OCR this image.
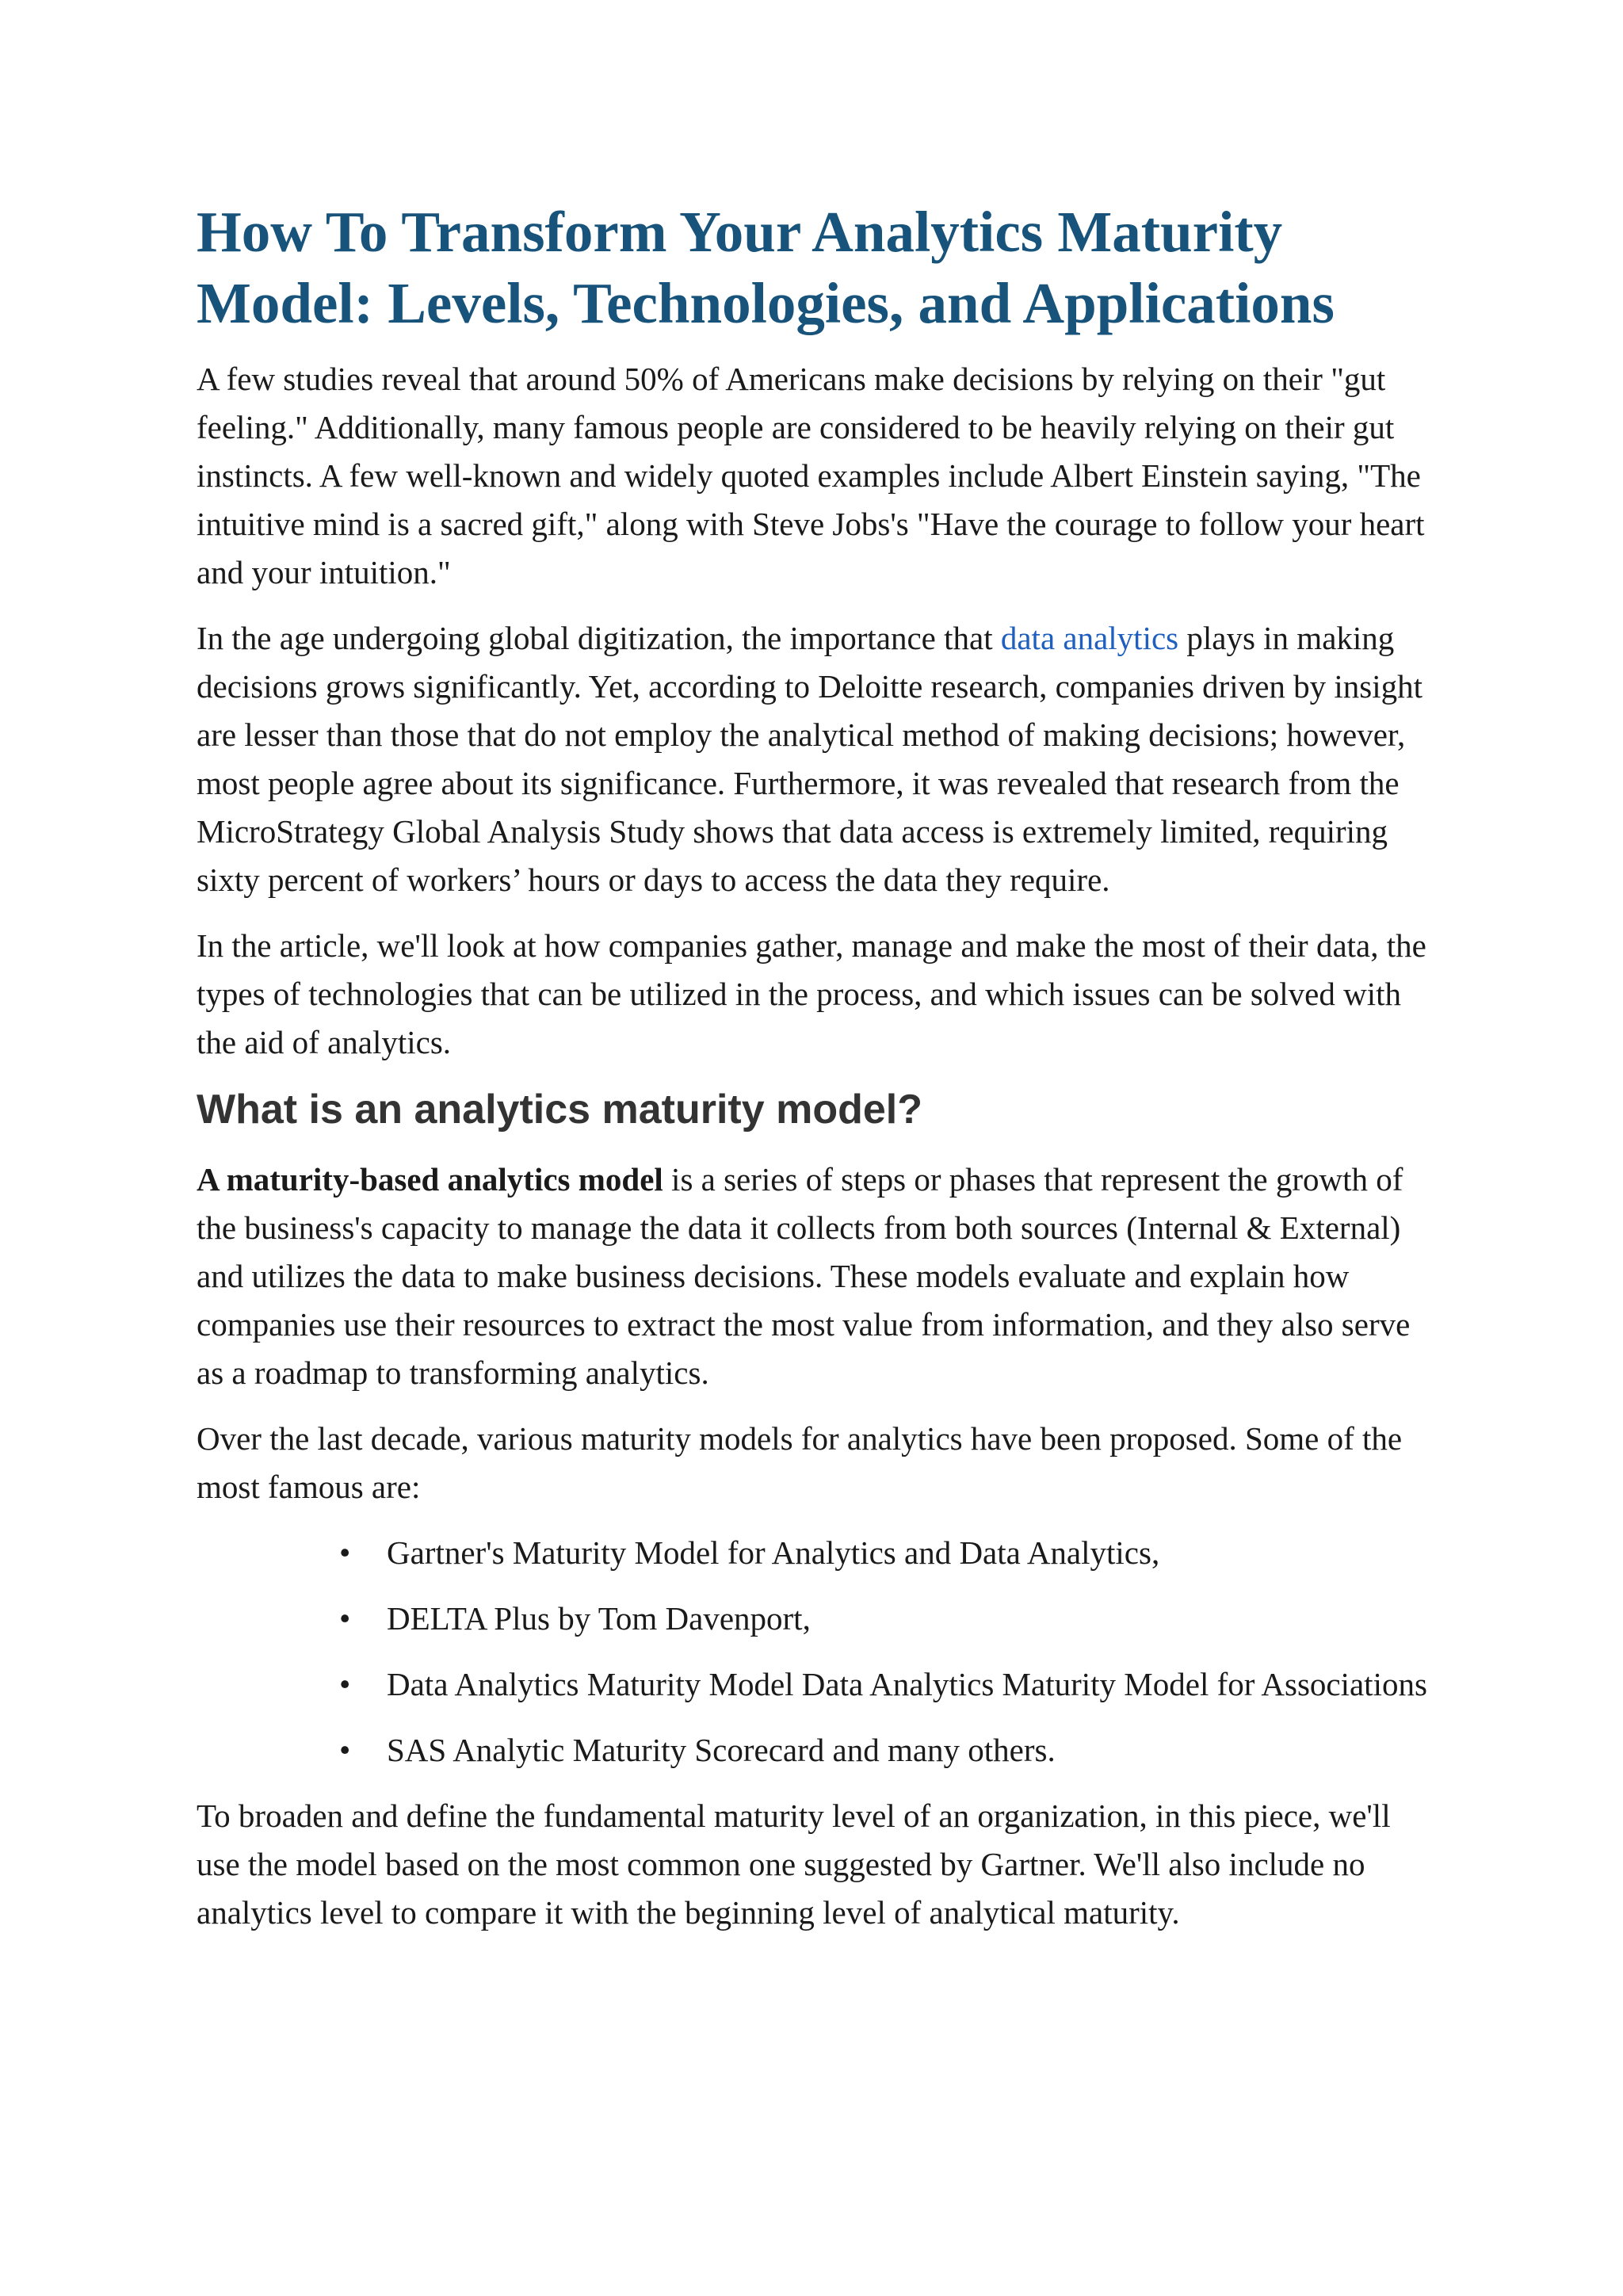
How To Transform Your Analytics Maturity Model: Levels, Technologies, and Applications

A few studies reveal that around 50% of Americans make decisions by relying on their "gut feeling." Additionally, many famous people are considered to be heavily relying on their gut instincts. A few well-known and widely quoted examples include Albert Einstein saying, "The intuitive mind is a sacred gift," along with Steve Jobs's "Have the courage to follow your heart and your intuition."

In the age undergoing global digitization, the importance that data analytics plays in making decisions grows significantly. Yet, according to Deloitte research, companies driven by insight are lesser than those that do not employ the analytical method of making decisions; however, most people agree about its significance. Furthermore, it was revealed that research from the MicroStrategy Global Analysis Study shows that data access is extremely limited, requiring sixty percent of workers’ hours or days to access the data they require.

In the article, we'll look at how companies gather, manage and make the most of their data, the types of technologies that can be utilized in the process, and which issues can be solved with the aid of analytics.

What is an analytics maturity model?

A maturity-based analytics model is a series of steps or phases that represent the growth of the business's capacity to manage the data it collects from both sources (Internal & External) and utilizes the data to make business decisions. These models evaluate and explain how companies use their resources to extract the most value from information, and they also serve as a roadmap to transforming analytics.

Over the last decade, various maturity models for analytics have been proposed. Some of the most famous are:

• Gartner's Maturity Model for Analytics and Data Analytics,
• DELTA Plus by Tom Davenport,
• Data Analytics Maturity Model Data Analytics Maturity Model for Associations
• SAS Analytic Maturity Scorecard and many others.

To broaden and define the fundamental maturity level of an organization, in this piece, we'll use the model based on the most common one suggested by Gartner. We'll also include no analytics level to compare it with the beginning level of analytical maturity.
